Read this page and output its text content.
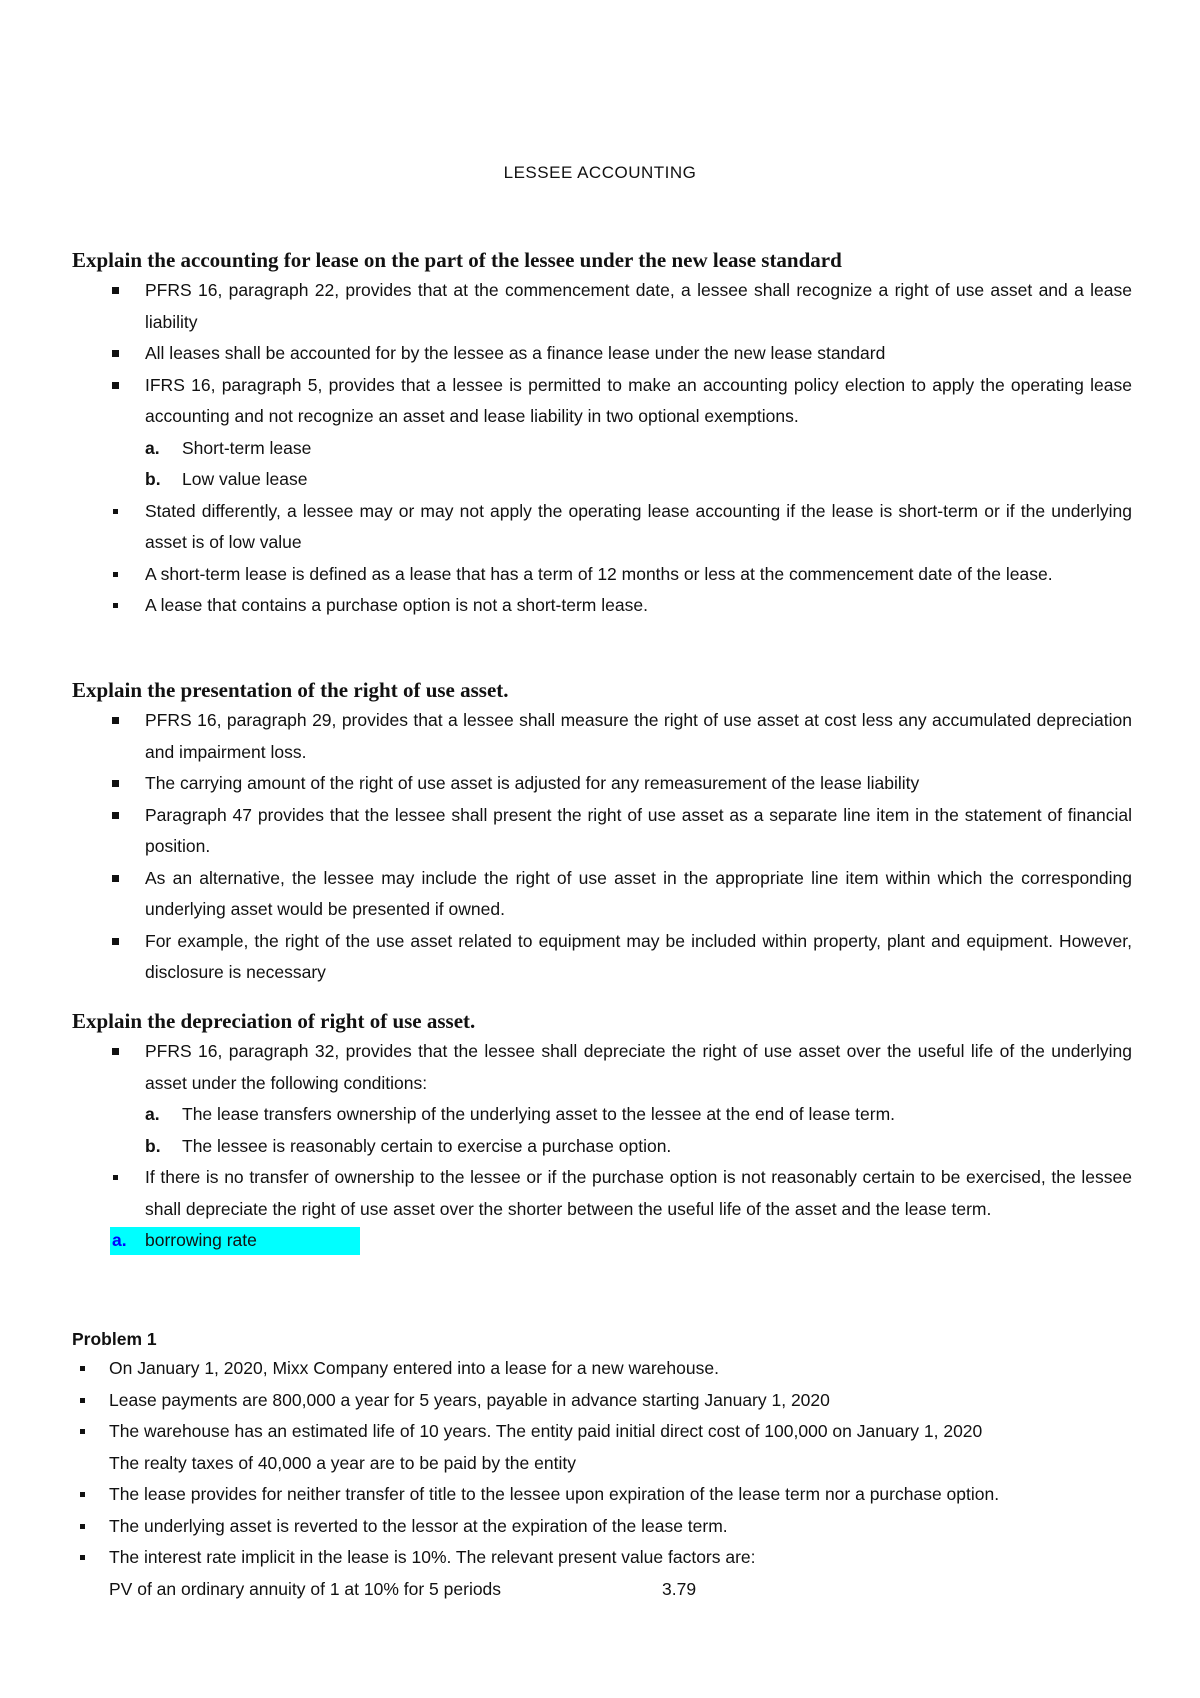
LESSEE ACCOUNTING
Explain the accounting for lease on the part of the lessee under the new lease standard
PFRS 16, paragraph 22, provides that at the commencement date, a lessee shall recognize a right of use asset and a lease liability
All leases shall be accounted for by the lessee as a finance lease under the new lease standard
IFRS 16, paragraph 5, provides that a lessee is permitted to make an accounting policy election to apply the operating lease accounting and not recognize an asset and lease liability in two optional exemptions.
a. Short-term lease
b. Low value lease
Stated differently, a lessee may or may not apply the operating lease accounting if the lease is short-term or if the underlying asset is of low value
A short-term lease is defined as a lease that has a term of 12 months or less at the commencement date of the lease.
A lease that contains a purchase option is not a short-term lease.
Explain the presentation of the right of use asset.
PFRS 16, paragraph 29, provides that a lessee shall measure the right of use asset at cost less any accumulated depreciation and impairment loss.
The carrying amount of the right of use asset is adjusted for any remeasurement of the lease liability
Paragraph 47 provides that the lessee shall present the right of use asset as a separate line item in the statement of financial position.
As an alternative, the lessee may include the right of use asset in the appropriate line item within which the corresponding underlying asset would be presented if owned.
For example, the right of the use asset related to equipment may be included within property, plant and equipment. However, disclosure is necessary
Explain the depreciation of right of use asset.
PFRS 16, paragraph 32, provides that the lessee shall depreciate the right of use asset over the useful life of the underlying asset under the following conditions:
a. The lease transfers ownership of the underlying asset to the lessee at the end of lease term.
b. The lessee is reasonably certain to exercise a purchase option.
If there is no transfer of ownership to the lessee or if the purchase option is not reasonably certain to be exercised, the lessee shall depreciate the right of use asset over the shorter between the useful life of the asset and the lease term.
a. borrowing rate
Problem 1
On January 1, 2020, Mixx Company entered into a lease for a new warehouse.
Lease payments are 800,000 a year for 5 years, payable in advance starting January 1, 2020
The warehouse has an estimated life of 10 years. The entity paid initial direct cost of 100,000 on January 1, 2020
The realty taxes of 40,000 a year are to be paid by the entity
The lease provides for neither transfer of title to the lessee upon expiration of the lease term nor a purchase option.
The underlying asset is reverted to the lessor at the expiration of the lease term.
The interest rate implicit in the lease is 10%. The relevant present value factors are:
PV of an ordinary annuity of 1 at 10% for 5 periods	3.79
